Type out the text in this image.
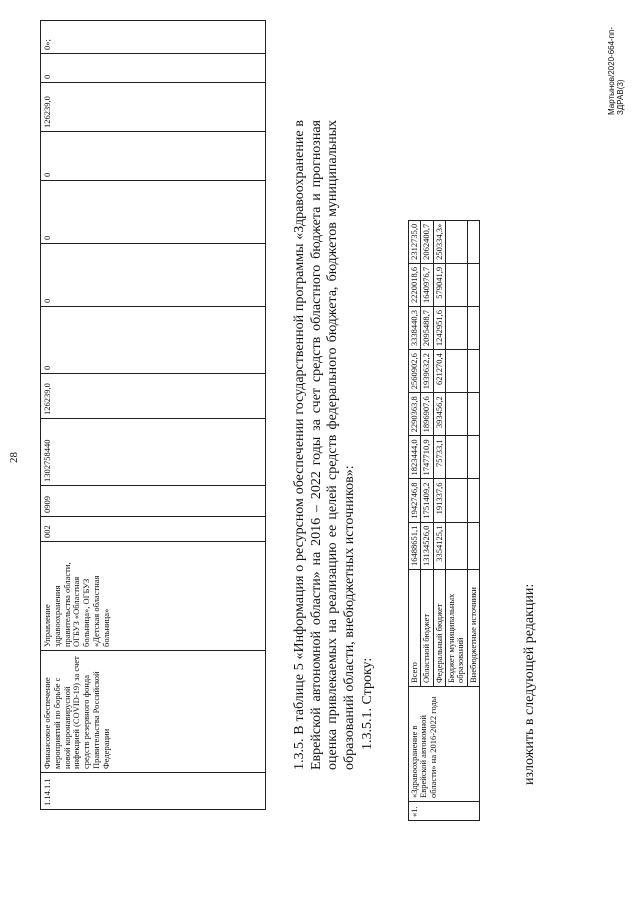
28
1.14.1.1	Финансовое обеспечение мероприятий по борьбе с новой коронавирусной инфекцией (COVID-19) за счет средств резервного фонда Правительства Российской Федерации	Управление здравоохранения правительства области, ОГБУЗ «Областная больница», ОГБУЗ «Детская областная больница»	002	0909	1302758440	126239,0	0	0	0	0	126239,0	0	0»;
1.3.5. В таблице 5 «Информация о ресурсном обеспечении государственной программы «Здравоохранение в Еврейской автономной области» на 2016 – 2022 годы за счет средств областного бюджета и прогнозная оценка привлекаемых на реализацию ее целей средств федерального бюджета, бюджетов муниципальных образований области, внебюджетных источников»: 1.3.5.1. Строку:
«1.	«Здравоохранение в Еврейской автономной области» на 2016-2022 годы	Всего	16488651,1	1942746,8	1823444,0	2290363,8	2560902,6	3338440,3	2220018,6	2312735,0
		Областной бюджет	13134526,0	1751409,2	1747710,9	1896907,6	1939632,2	2095488,7	1640976,7	2062400,7
		Федеральный бюджет	3354125,1	191337,6	75733,1	393456,2	621270,4	1242951,6	579041,9	250334,3»
		Бюджет муниципальных образований								
		Внебюджетные источники									изложить в следующей редакции:
Мартынов/2020-664-пп-ЗДРАВ(3)
